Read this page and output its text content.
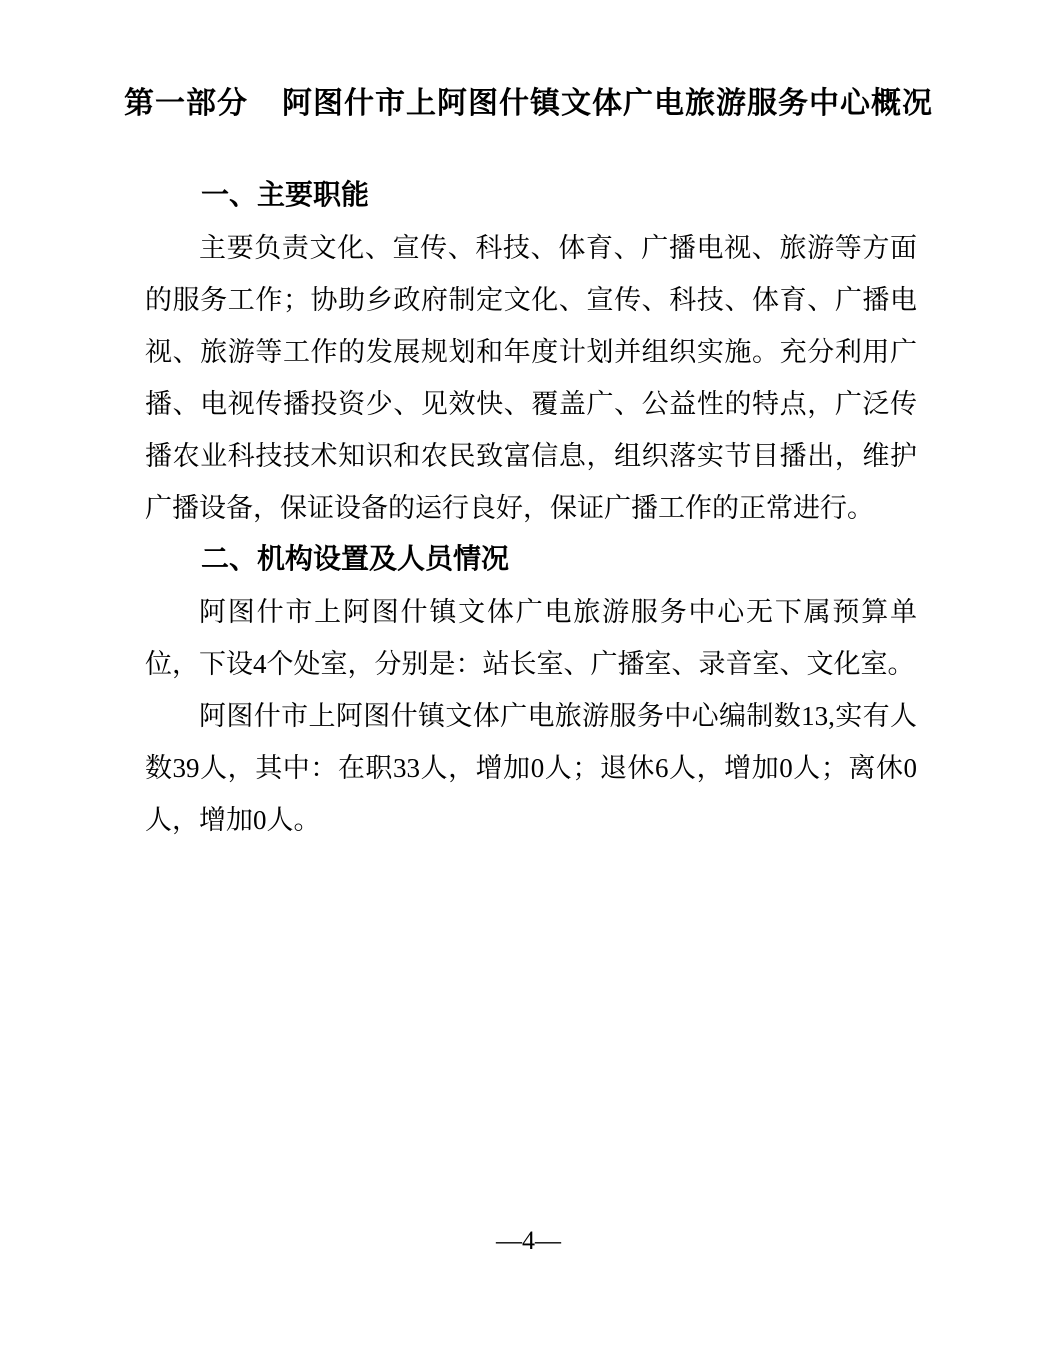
第一部分 阿图什市上阿图什镇文体广电旅游服务中心概况
一、主要职能

主要负责文化、宣传、科技、体育、广播电视、旅游等方面的服务工作；协助乡政府制定文化、宣传、科技、体育、广播电视、旅游等工作的发展规划和年度计划并组织实施。充分利用广播、电视传播投资少、见效快、覆盖广、公益性的特点，广泛传播农业科技技术知识和农民致富信息，组织落实节目播出，维护广播设备，保证设备的运行良好，保证广播工作的正常进行。

二、机构设置及人员情况

阿图什市上阿图什镇文体广电旅游服务中心无下属预算单位，下设4个处室，分别是：站长室、广播室、录音室、文化室。

阿图什市上阿图什镇文体广电旅游服务中心编制数13,实有人数39人，其中：在职33人，增加0人；退休6人，增加0人；离休0人，增加0人。

—4—
